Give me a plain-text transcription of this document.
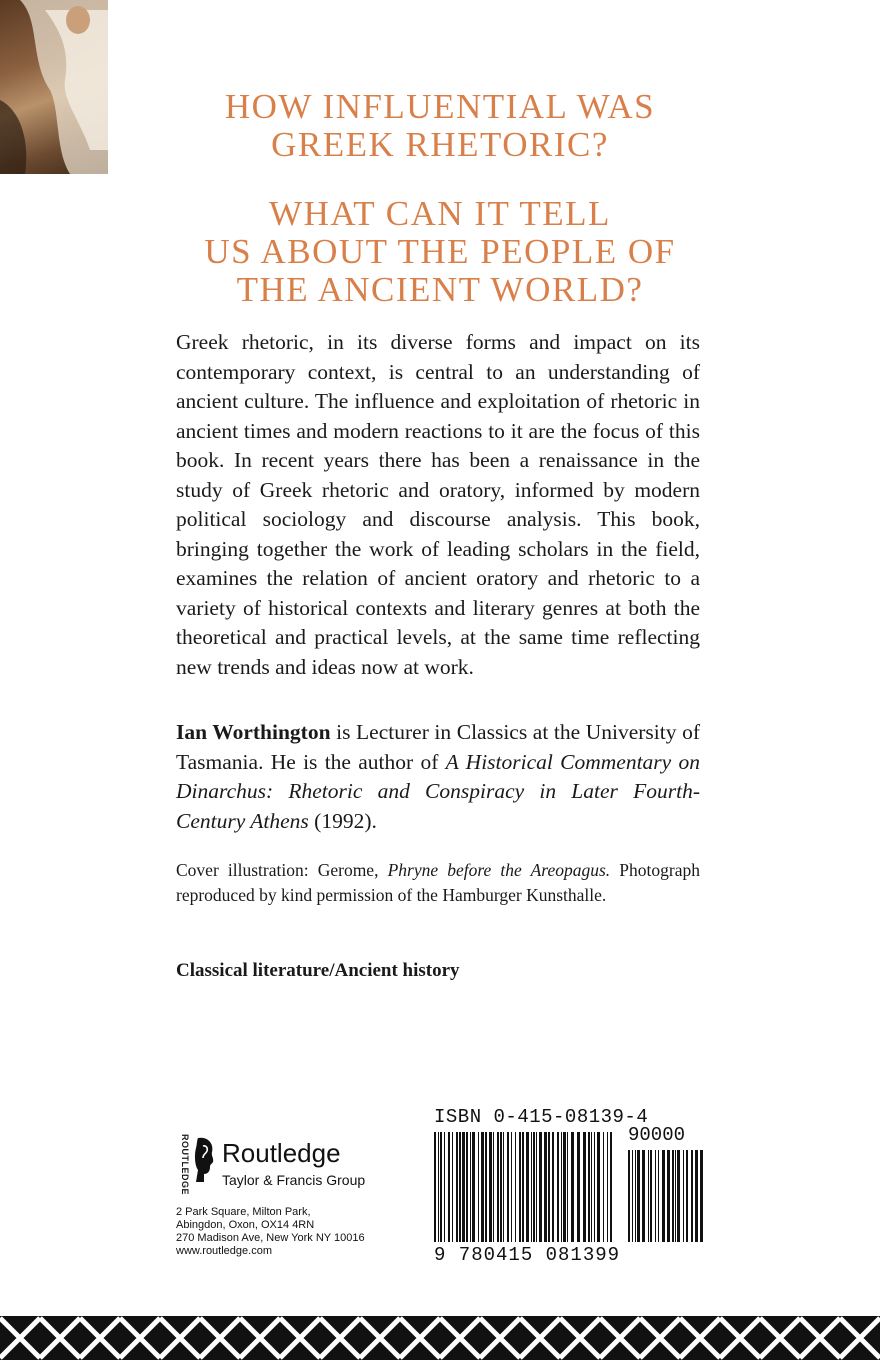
HOW INFLUENTIAL WAS
GREEK RHETORIC?
WHAT CAN IT TELL
US ABOUT THE PEOPLE OF
THE ANCIENT WORLD?

Greek rhetoric, in its diverse forms and impact on its contemporary context, is central to an understanding of ancient culture. The influence and exploitation of rhetoric in ancient times and modern reactions to it are the focus of this book. In recent years there has been a renaissance in the study of Greek rhetoric and oratory, informed by modern political sociology and discourse analysis. This book, bringing together the work of leading scholars in the field, examines the relation of ancient oratory and rhetoric to a variety of historical contexts and literary genres at both the theoretical and practical levels, at the same time reflecting new trends and ideas now at work.

Ian Worthington is Lecturer in Classics at the University of Tasmania. He is the author of A Historical Commentary on Dinarchus: Rhetoric and Conspiracy in Later Fourth-Century Athens (1992).

Cover illustration: Gerome, Phryne before the Areopagus. Photograph reproduced by kind permission of the Hamburger Kunsthalle.

Classical literature/Ancient history

ROUTLEDGE Routledge
Taylor & Francis Group
2 Park Square, Milton Park,
Abingdon, Oxon, OX14 4RN
270 Madison Ave, New York NY 10016
www.routledge.com
ISBN 0-415-08139-4
90000
9 780415 081399
